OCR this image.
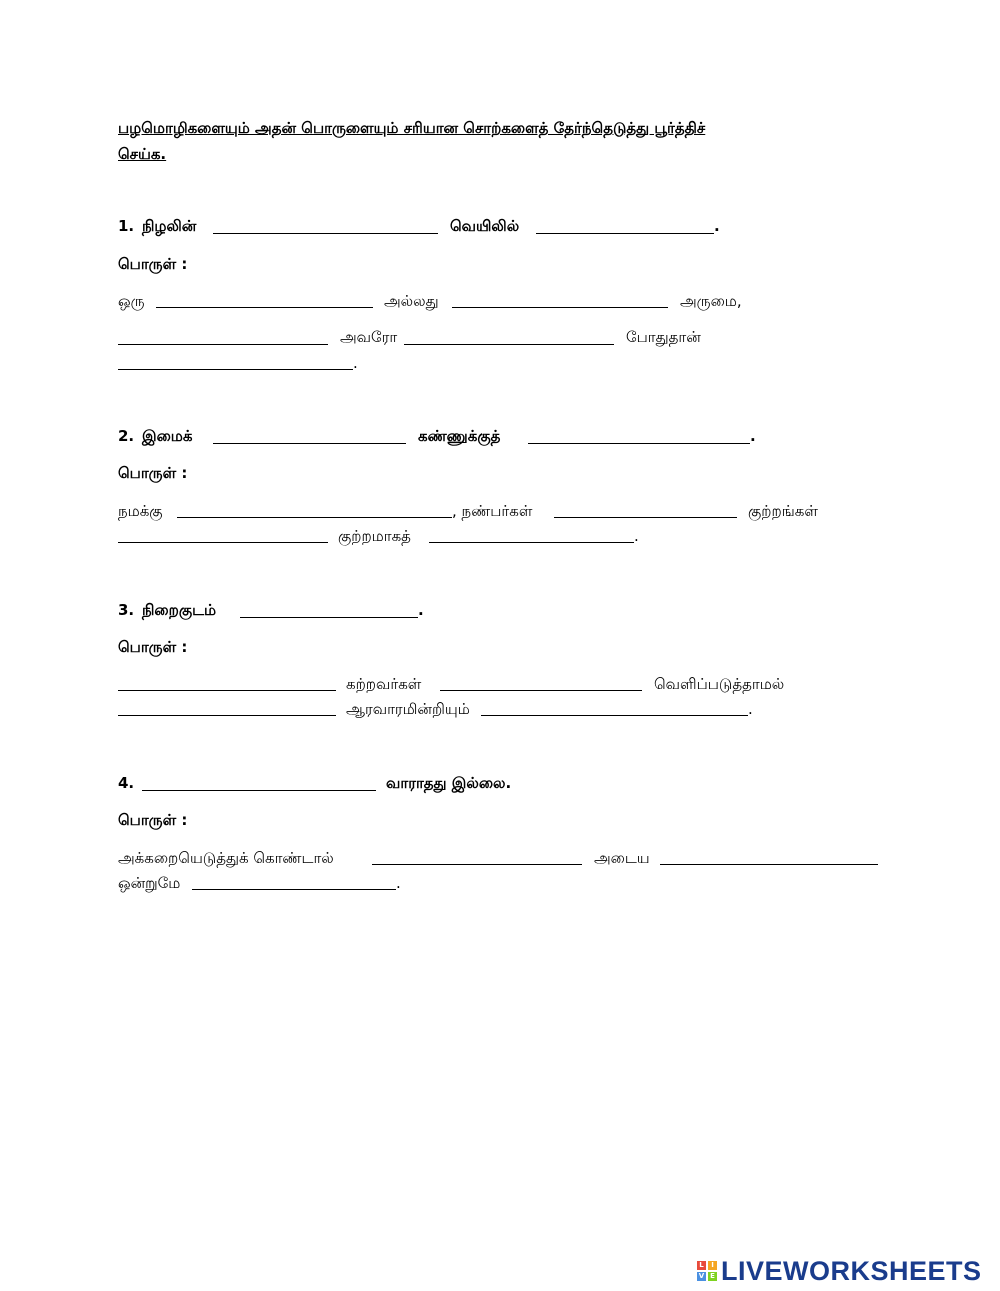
பழமொழிகளையும் அதன் பொருளையும் சரியான சொற்களைத் தேர்ந்தெடுத்து பூர்த்திச்
செய்க.
1. நிழலின்	வெயிலில்	.
பொருள் :
ஒரு	அல்லது	அருமை,
அவரோ	போதுதான்
.
2. இமைக்	கண்ணுக்குத்	.
பொருள் :
நமக்கு	, நண்பர்கள்	குற்றங்கள்
குற்றமாகத்	.
3. நிறைகுடம்	.
பொருள் :
கற்றவர்கள்	வெளிப்படுத்தாமல்
ஆரவாரமின்றியும்	.
4.	வாராதது இல்லை.
பொருள் :
அக்கறையெடுத்துக் கொண்டால்	அடைய
ஒன்றுமே	.
L	I
V E LIVEWORKSHEETS
